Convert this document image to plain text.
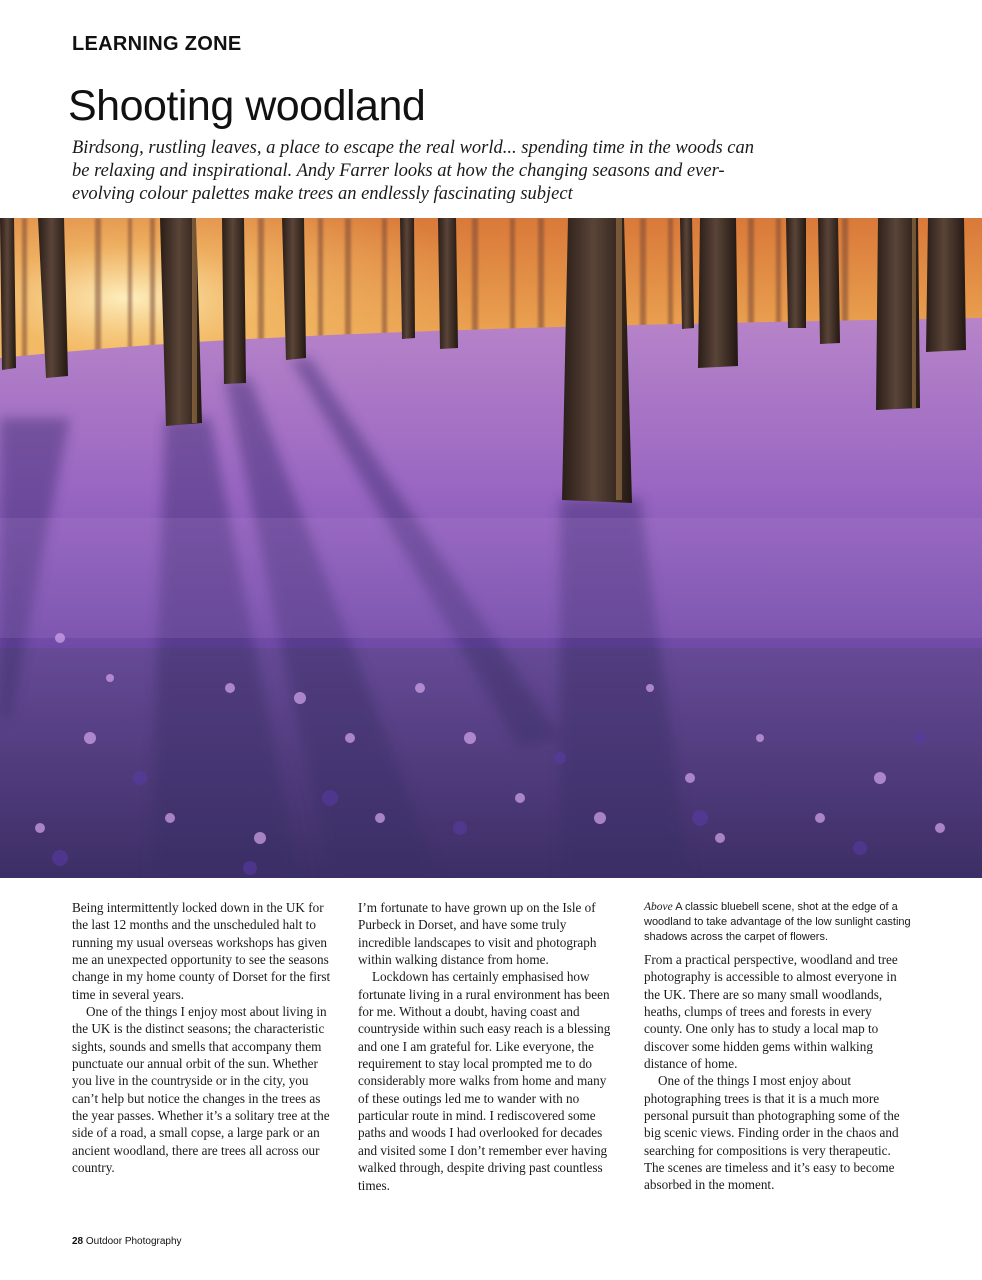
LEARNING ZONE
Shooting woodland
Birdsong, rustling leaves, a place to escape the real world... spending time in the woods can be relaxing and inspirational. Andy Farrer looks at how the changing seasons and ever-evolving colour palettes make trees an endlessly fascinating subject

Being intermittently locked down in the UK for the last 12 months and the unscheduled halt to running my usual overseas workshops has given me an unexpected opportunity to see the seasons change in my home county of Dorset for the first time in several years.

One of the things I enjoy most about living in the UK is the distinct seasons; the characteristic sights, sounds and smells that accompany them punctuate our annual orbit of the sun. Whether you live in the countryside or in the city, you can’t help but notice the changes in the trees as the year passes. Whether it’s a solitary tree at the side of a road, a small copse, a large park or an ancient woodland, there are trees all across our country.

I’m fortunate to have grown up on the Isle of Purbeck in Dorset, and have some truly incredible landscapes to visit and photograph within walking distance from home.

Lockdown has certainly emphasised how fortunate living in a rural environment has been for me. Without a doubt, having coast and countryside within such easy reach is a blessing and one I am grateful for. Like everyone, the requirement to stay local prompted me to do considerably more walks from home and many of these outings led me to wander with no particular route in mind. I rediscovered some paths and woods I had overlooked for decades and visited some I don’t remember ever having walked through, despite driving past countless times.

Above A classic bluebell scene, shot at the edge of a woodland to take advantage of the low sunlight casting shadows across the carpet of flowers.

From a practical perspective, woodland and tree photography is accessible to almost everyone in the UK. There are so many small woodlands, heaths, clumps of trees and forests in every county. One only has to study a local map to discover some hidden gems within walking distance of home.

One of the things I most enjoy about photographing trees is that it is a much more personal pursuit than photographing some of the big scenic views. Finding order in the chaos and searching for compositions is very therapeutic. The scenes are timeless and it’s easy to become absorbed in the moment.

28 Outdoor Photography
